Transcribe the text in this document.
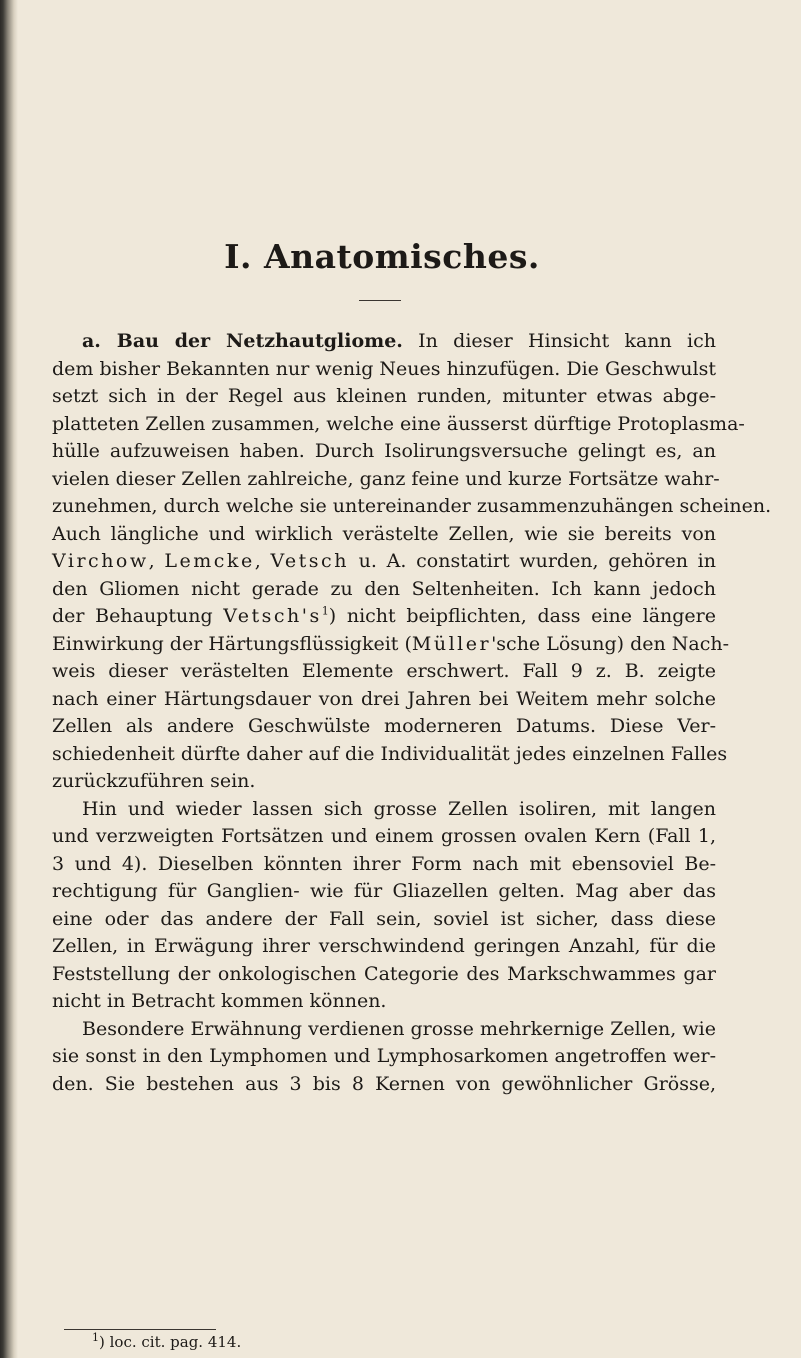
I. Anatomisches.

a. Bau der Netzhautgliome. In dieser Hinsicht kann ich
dem bisher Bekannten nur wenig Neues hinzufügen. Die Geschwulst
setzt sich in der Regel aus kleinen runden, mitunter etwas abge-
platteten Zellen zusammen, welche eine äusserst dürftige Protoplasma-
hülle aufzuweisen haben. Durch Isolirungsversuche gelingt es, an
vielen dieser Zellen zahlreiche, ganz feine und kurze Fortsätze wahr-
zunehmen, durch welche sie untereinander zusammenzuhängen scheinen.
Auch längliche und wirklich verästelte Zellen, wie sie bereits von
Virchow, Lemcke, Vetsch u. A. constatirt wurden, gehören in
den Gliomen nicht gerade zu den Seltenheiten. Ich kann jedoch
der Behauptung $Vetsch's^1$) nicht beipflichten, dass eine längere
Einwirkung der Härtungsflüssigkeit (Müller'sche Lösung) den Nach-
weis dieser verästelten Elemente erschwert. Fall 9 z. B. zeigte
nach einer Härtungsdauer von drei Jahren bei Weitem mehr solche
Zellen als andere Geschwülste moderneren Datums. Diese Ver-
schiedenheit dürfte daher auf die Individualität jedes einzelnen Falles
zurückzuführen sein.

Hin und wieder lassen sich grosse Zellen isoliren, mit langen
und verzweigten Fortsätzen und einem grossen ovalen Kern (Fall 1,
3 und 4). Dieselben könnten ihrer Form nach mit ebensoviel Be-
rechtigung für Ganglien- wie für Gliazellen gelten. Mag aber das
eine oder das andere der Fall sein, soviel ist sicher, dass diese
Zellen, in Erwägung ihrer verschwindend geringen Anzahl, für die
Feststellung der onkologischen Categorie des Markschwammes gar
nicht in Betracht kommen können.

Besondere Erwähnung verdienen grosse mehrkernige Zellen, wie
sie sonst in den Lymphomen und Lymphosarkomen angetroffen wer-
den. Sie bestehen aus 3 bis 8 Kernen von gewöhnlicher Grösse,

$^1$) loc. cit. pag. 414.
